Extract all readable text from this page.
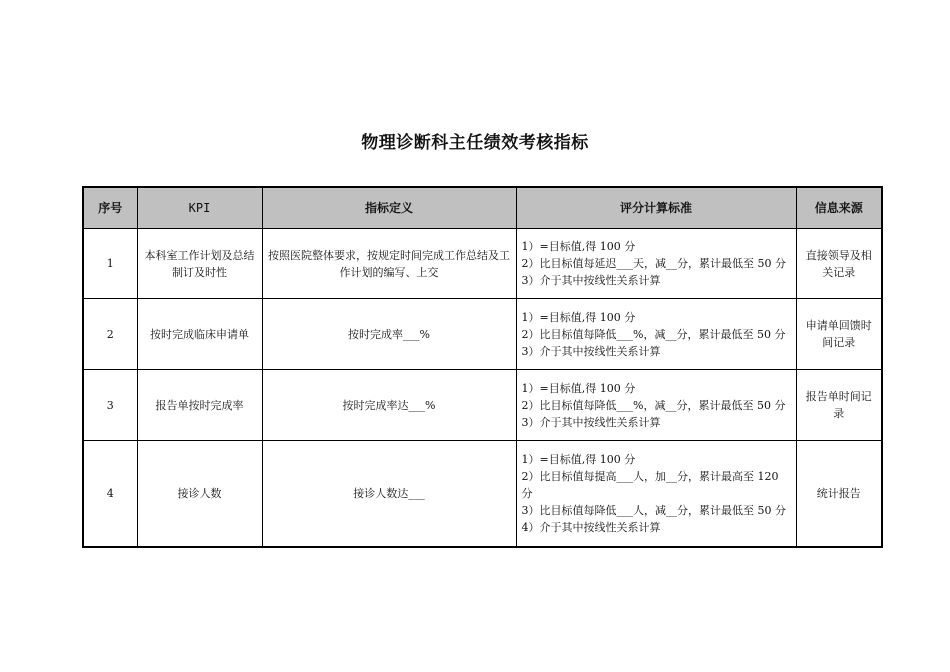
物理诊断科主任绩效考核指标
序号	KPI	指标定义	评分计算标准	信息来源
1	本科室工作计划及总结制订及时性	按照医院整体要求，按规定时间完成工作总结及工作计划的编写、上交	1）=目标值,得 100 分
2）比目标值每延迟___天，减__分，累计最低至 50 分
3）介于其中按线性关系计算	直接领导及相关记录
2	按时完成临床申请单	按时完成率___%	1）=目标值,得 100 分
2）比目标值每降低___%，减__分，累计最低至 50 分
3）介于其中按线性关系计算	申请单回馈时间记录
3	报告单按时完成率	按时完成率达___%	1）=目标值,得 100 分
2）比目标值每降低___%，减__分，累计最低至 50 分
3）介于其中按线性关系计算	报告单时间记录
4	接诊人数	接诊人数达___	1）=目标值,得 100 分
2）比目标值每提高___人，加__分，累计最高至 120 分
3）比目标值每降低___人，减__分，累计最低至 50 分
4）介于其中按线性关系计算	统计报告
